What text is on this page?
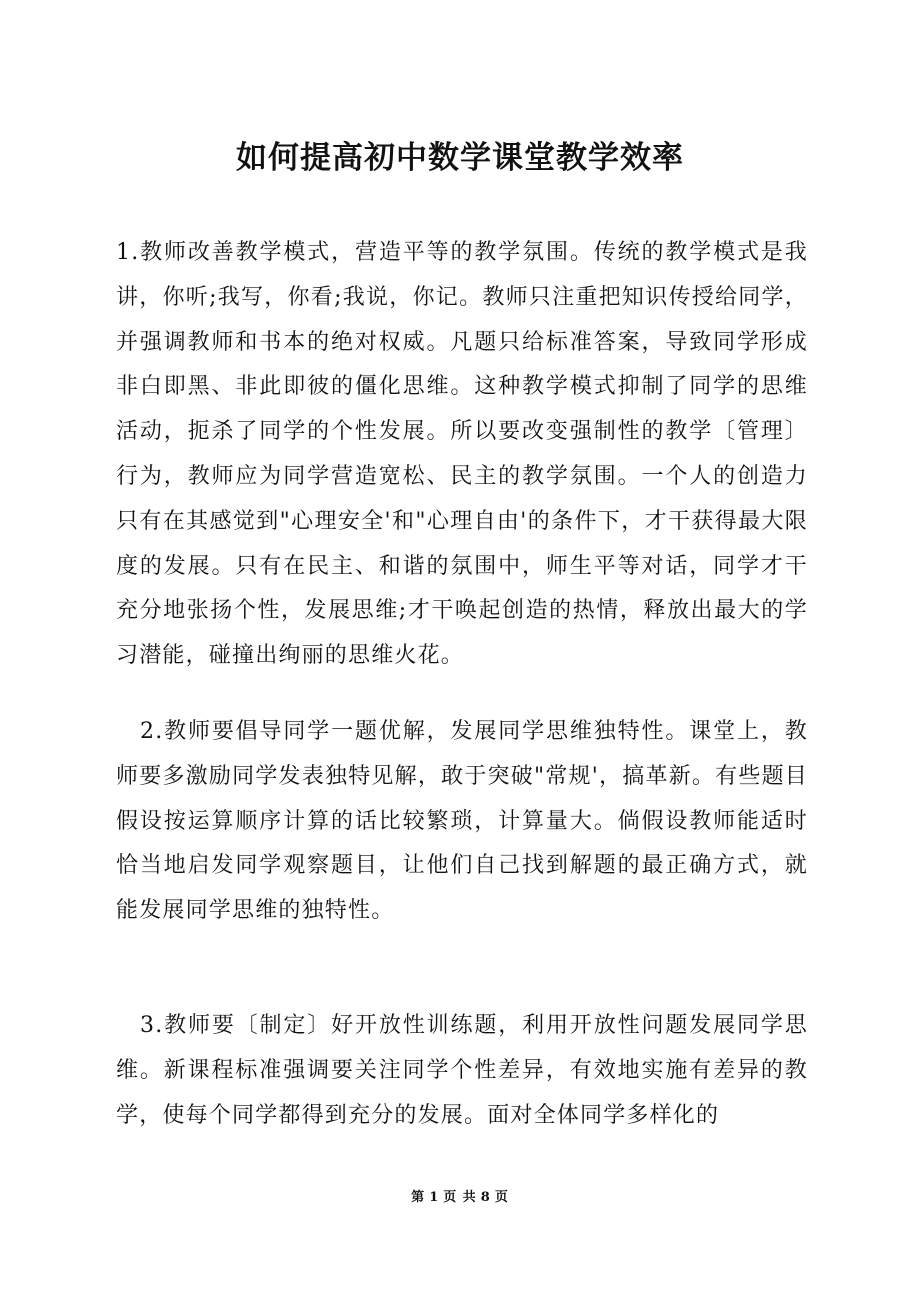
如何提高初中数学课堂教学效率

1.教师改善教学模式，营造平等的教学氛围。传统的教学模式是我讲，你听;我写，你看;我说，你记。教师只注重把知识传授给同学，并强调教师和书本的绝对权威。凡题只给标准答案，导致同学形成非白即黑、非此即彼的僵化思维。这种教学模式抑制了同学的思维活动，扼杀了同学的个性发展。所以要改变强制性的教学〔管理〕行为，教师应为同学营造宽松、民主的教学氛围。一个人的创造力只有在其感觉到"心理安全'和"心理自由'的条件下，才干获得最大限度的发展。只有在民主、和谐的氛围中，师生平等对话，同学才干充分地张扬个性，发展思维;才干唤起创造的热情，释放出最大的学习潜能，碰撞出绚丽的思维火花。

2.教师要倡导同学一题优解，发展同学思维独特性。课堂上，教师要多激励同学发表独特见解，敢于突破"常规'，搞革新。有些题目假设按运算顺序计算的话比较繁琐，计算量大。倘假设教师能适时恰当地启发同学观察题目，让他们自己找到解题的最正确方式，就能发展同学思维的独特性。

3.教师要〔制定〕好开放性训练题，利用开放性问题发展同学思维。新课程标准强调要关注同学个性差异，有效地实施有差异的教学，使每个同学都得到充分的发展。面对全体同学多样化的

第 1 页 共 8 页
